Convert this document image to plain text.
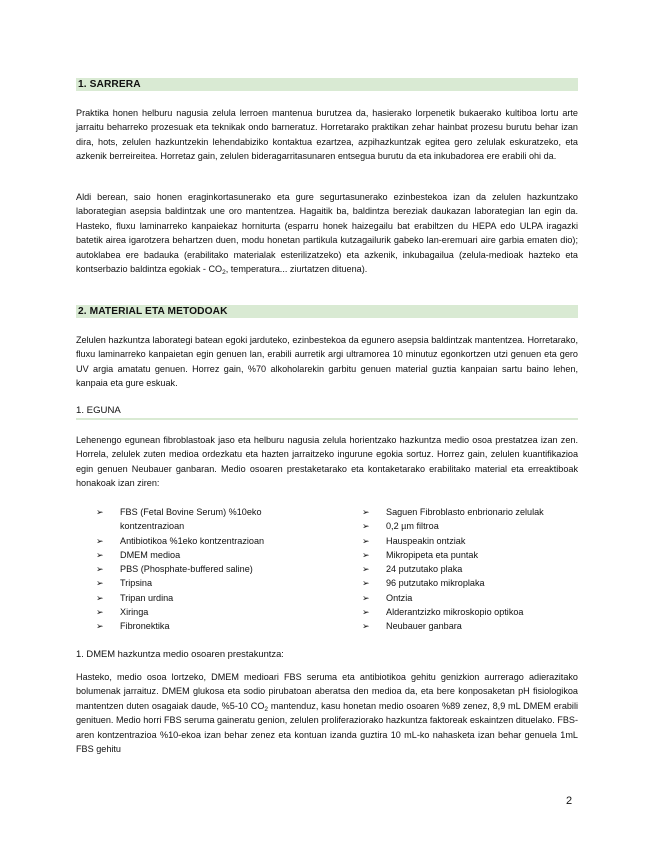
1. SARRERA

Praktika honen helburu nagusia zelula lerroen mantenua burutzea da, hasierako lorpenetik bukaerako kultiboa lortu arte jarraitu beharreko prozesuak eta teknikak ondo barneratuz. Horretarako praktikan zehar hainbat prozesu burutu behar izan dira, hots, zelulen hazkuntzekin lehendabiziko kontaktua ezartzea, azpihazkuntzak egitea gero zelulak eskuratzeko, eta azkenik berreireitea. Horretaz gain, zelulen bideragarritasunaren entsegua burutu da eta inkubadorea ere erabili ohi da.

Aldi berean, saio honen eraginkortasunerako eta gure segurtasunerako ezinbestekoa izan da zelulen hazkuntzako laborategian asepsia baldintzak une oro mantentzea. Hagaitik ba, baldintza bereziak daukazan laborategian lan egin da. Hasteko, fluxu laminarreko kanpaiekaz horniturta (esparru honek haizegailu bat erabiltzen du HEPA edo ULPA iragazki batetik airea igarotzera behartzen duen, modu honetan partikula kutzagailurik gabeko lan-eremuari aire garbia ematen dio); autoklabea ere badauka (erabilitako materialak esterilizatzeko) eta azkenik, inkubagailua (zelula-medioak hazteko eta kontserbazio baldintza egokiak - $CO_2$, temperatura... ziurtatzen dituena).

2. MATERIAL ETA METODOAK

Zelulen hazkuntza laborategi batean egoki jarduteko, ezinbestekoa da egunero asepsia baldintzak mantentzea. Horretarako, fluxu laminarreko kanpaietan egin genuen lan, erabili aurretik argi ultramorea 10 minutuz egonkortzen utzi genuen eta gero UV argia amatatu genuen. Horrez gain, %70 alkoholarekin garbitu genuen material guztia kanpaian sartu baino lehen, kanpaia eta gure eskuak.

1. EGUNA

Lehenengo egunean fibroblastoak jaso eta helburu nagusia zelula horientzako hazkuntza medio osoa prestatzea izan zen. Horrela, zelulek zuten medioa ordezkatu eta hazten jarraitzeko ingurune egokia sortuz. Horrez gain, zelulen kuantifikazioa egin genuen Neubauer ganbaran. Medio osoaren prestaketarako eta kontaketarako erabilitako material eta erreaktiboak honakoak izan ziren:

➢ FBS (Fetal Bovine Serum) %10eko kontzentrazioan
➢ Antibiotikoa %1eko kontzentrazioan
➢ DMEM medioa
➢ PBS (Phosphate-buffered saline)
➢ Tripsina
➢ Tripan urdina
➢ Xiringa
➢ Fibronektika
➢ Saguen Fibroblasto enbrionario zelulak
➢ 0,2 µm filtroa
➢ Hauspeakin ontziak
➢ Mikropipeta eta puntak
➢ 24 putzutako plaka
➢ 96 putzutako mikroplaka
➢ Ontzia
➢ Alderantzizko mikroskopio optikoa
➢ Neubauer ganbara
1. DMEM hazkuntza medio osoaren prestakuntza:

Hasteko, medio osoa lortzeko, DMEM medioari FBS seruma eta antibiotikoa gehitu genizkion aurrerago adierazitako bolumenak jarraituz. DMEM glukosa eta sodio pirubatoan aberatsa den medioa da, eta bere konposaketan pH fisiologikoa mantentzen duten osagaiak daude, %5-10 $CO_2$ mantenduz, kasu honetan medio osoaren %89 zenez, 8,9 mL DMEM erabili genituen. Medio horri FBS seruma gaineratu genion, zelulen proliferaziorako hazkuntza faktoreak eskaintzen dituelako. FBS-aren kontzentrazioa %10-ekoa izan behar zenez eta kontuan izanda guztira 10 mL-ko nahasketa izan behar genuela 1mL FBS gehitu

2
